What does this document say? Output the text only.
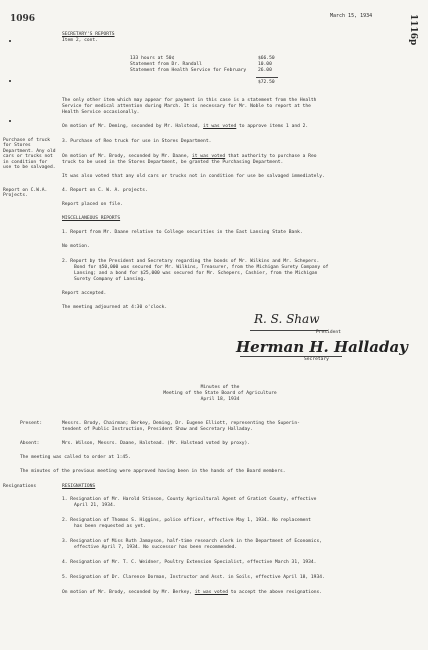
1096	March 15, 1934	1116p
SECRETARY'S REPORTS
Item 2, cont.
133 hours at 50¢	$66.50
Statement from Dr. Randall	10.00
Statement from Health Service for February	26.00
$72.50
The only other item which may appear for payment in this case is a statement from the Health
Service for medical attention during March. It is necessary for Mr. Noble to report at the
Health Service occasionally.
On motion of Mr. Deming, seconded by Mr. Halstead, it was voted to approve items 1 and 2.
3. Purchase of Reo truck for use in Stores Department.
On motion of Mr. Brody, seconded by Mr. Daane, it was voted that authority to purchase a Reo
truck to be used in the Stores Department, be granted the Purchasing Department.
It was also voted that any old cars or trucks not in condition for use be salvaged immediately.
4. Report on C. W. A. projects.
Report placed on file.
MISCELLANEOUS REPORTS
1. Report from Mr. Daane relative to College securities in the East Lansing State Bank.
No motion.
2. Report by the President and Secretary regarding the bonds of Mr. Wilkins and Mr. Schepers.
Bond for $50,000 was secured for Mr. Wilkins, Treasurer, from the Michigan Surety Company of
Lansing; and a bond for $25,000 was secured for Mr. Schepers, Cashier, from the Michigan
Surety Company of Lansing.
Report accepted.
The meeting adjourned at 4:30 o'clock.
R. S. Shaw
President
Herman H. Halladay
Secretary
Minutes of the
Meeting of the State Board of Agriculture
April 18, 1934
Present:	Messrs. Brody, Chairman; Berkey, Deming, Dr. Eugene Elliott, representing the Superin-
tendent of Public Instruction, President Shaw and Secretary Halladay.
Absent:	Mrs. Wilson, Messrs. Daane, Halstead. (Mr. Halstead voted by proxy).
The meeting was called to order at 1:45.
The minutes of the previous meeting were approved having been in the hands of the Board members.
RESIGNATIONS
1. Resignation of Mr. Harold Stinson, County Agricultural Agent of Gratiot County, effective
April 21, 1934.
2. Resignation of Thomas S. Higgins, police officer, effective May 1, 1934. No replacement
has been requested as yet.
3. Resignation of Miss Ruth Jamayson, half-time research clerk in the Department of Economics,
effective April 7, 1934. No successor has been recommended.
4. Resignation of Mr. T. C. Weidner, Poultry Extension Specialist, effective March 31, 1934.
5. Resignation of Dr. Clarence Dorman, Instructor and Asst. in Soils, effective April 18, 1934.
On motion of Mr. Brody, seconded by Mr. Berkey, it was voted to accept the above resignations.
Purchase of truck for Stores Department. Any old cars or trucks not in condition for use to be salvaged.
Report on C.W.A. Projects.
Resignations
